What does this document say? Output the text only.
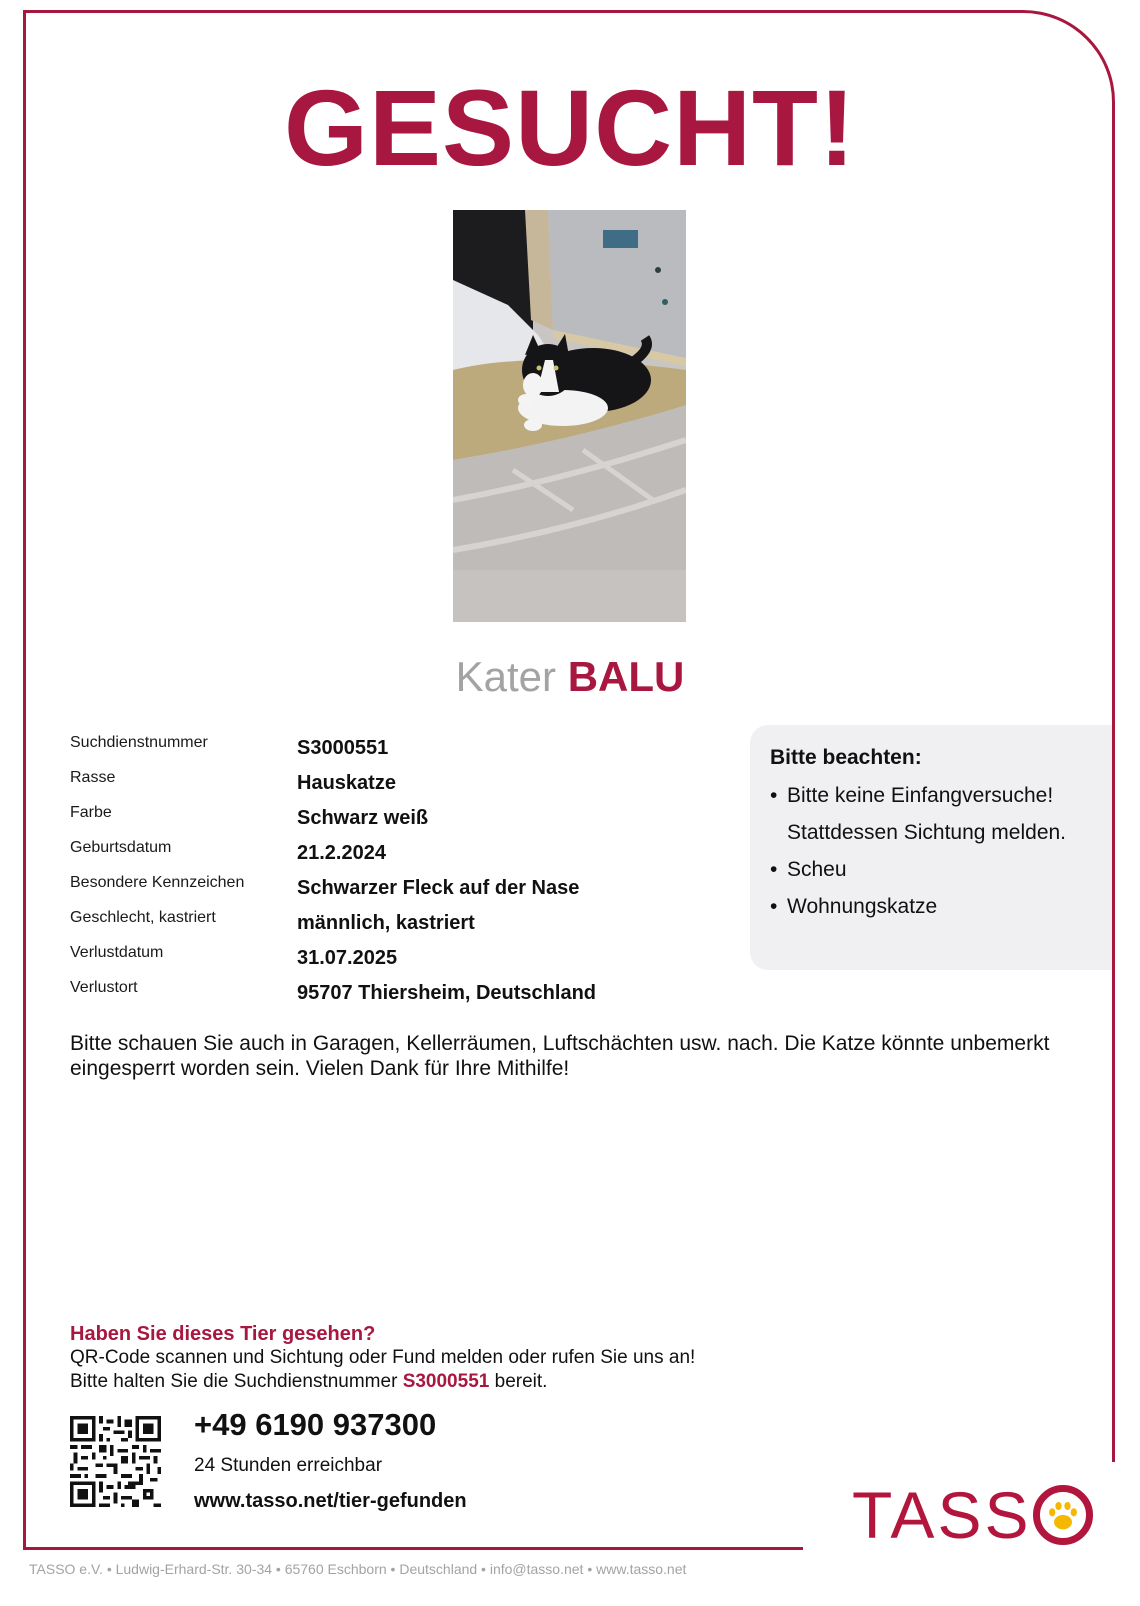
GESUCHT!
Kater BALU
Suchdienstnummer	S3000551
Rasse	Hauskatze
Farbe	Schwarz weiß
Geburtsdatum	21.2.2024
Besondere Kennzeichen	Schwarzer Fleck auf der Nase
Geschlecht, kastriert	männlich, kastriert
Verlustdatum	31.07.2025
Verlustort	95707 Thiersheim, Deutschland
Bitte beachten:
• Bitte keine Einfangversuche! Stattdessen Sichtung melden.
• Scheu
• Wohnungskatze

Bitte schauen Sie auch in Garagen, Kellerräumen, Luftschächten usw. nach. Die Katze könnte unbemerkt eingesperrt worden sein. Vielen Dank für Ihre Mithilfe!

Haben Sie dieses Tier gesehen?
QR-Code scannen und Sichtung oder Fund melden oder rufen Sie uns an!
Bitte halten Sie die Suchdienstnummer S3000551 bereit.
+49 6190 937300
24 Stunden erreichbar
www.tasso.net/tier-gefunden	TASS
TASSO e.V. • Ludwig-Erhard-Str. 30-34 • 65760 Eschborn • Deutschland • info@tasso.net • www.tasso.net
